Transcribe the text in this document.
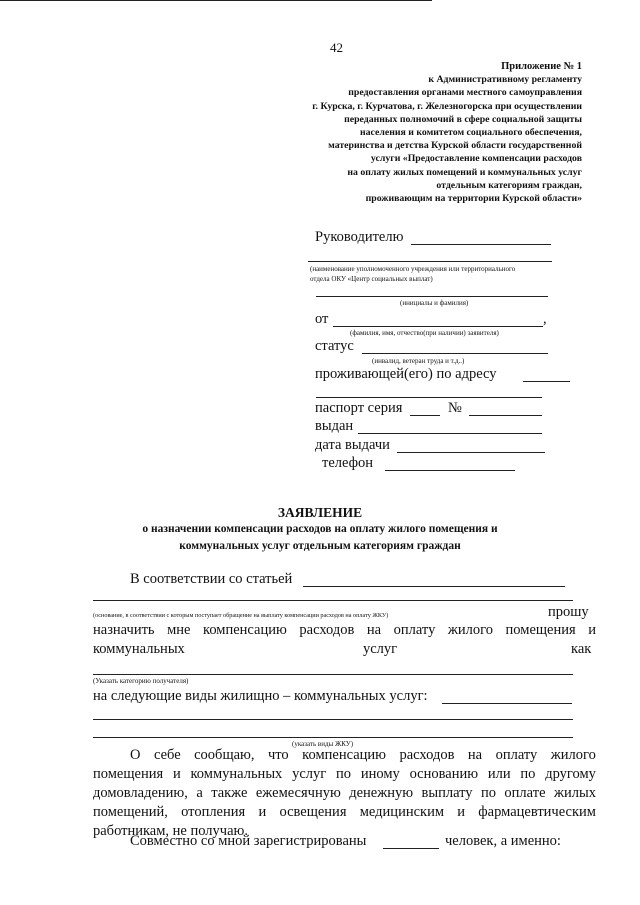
42
Приложение № 1
к Административному регламенту
предоставления органами местного самоуправления
г. Курска, г. Курчатова, г. Железногорска при осуществлении
переданных полномочий в сфере социальной защиты
населения и комитетом социального обеспечения,
материнства и детства Курской области государственной
услуги «Предоставление компенсации расходов
на оплату жилых помещений и коммунальных услуг
отдельным категориям граждан,
проживающим на территории Курской области»
Руководителю
(наименование уполномоченного учреждения или территориального
отдела ОКУ «Центр социальных выплат)
(инициалы и фамилия)
от	,
(фамилия, имя, отчество(при наличии) заявителя)
статус
(инвалид, ветеран труда и т.д..)
проживающей(его) по адресу
паспорт серия	№
выдан
дата выдачи
телефон
ЗАЯВЛЕНИЕ
о назначении компенсации расходов на оплату жилого помещения и
коммунальных услуг отдельным категориям граждан
В соответствии со статьей
(основание, в соответствии с которым поступает обращение на выплату компенсации расходов на оплату ЖКУ)	прошу
назначить мне компенсацию расходов на оплату жилого помещения и
коммунальных	услуг	как
(Указать категорию получателя)
на следующие виды жилищно – коммунальных услуг:
(указать виды ЖКУ)
О себе сообщаю, что компенсацию расходов на оплату жилого
помещения и коммунальных услуг по иному основанию или по другому
домовладению, а также ежемесячную денежную выплату по оплате жилых
помещений, отопления и освещения медицинским и фармацевтическим
работникам, не получаю.
Совместно со мной зарегистрированы	человек, а именно:
